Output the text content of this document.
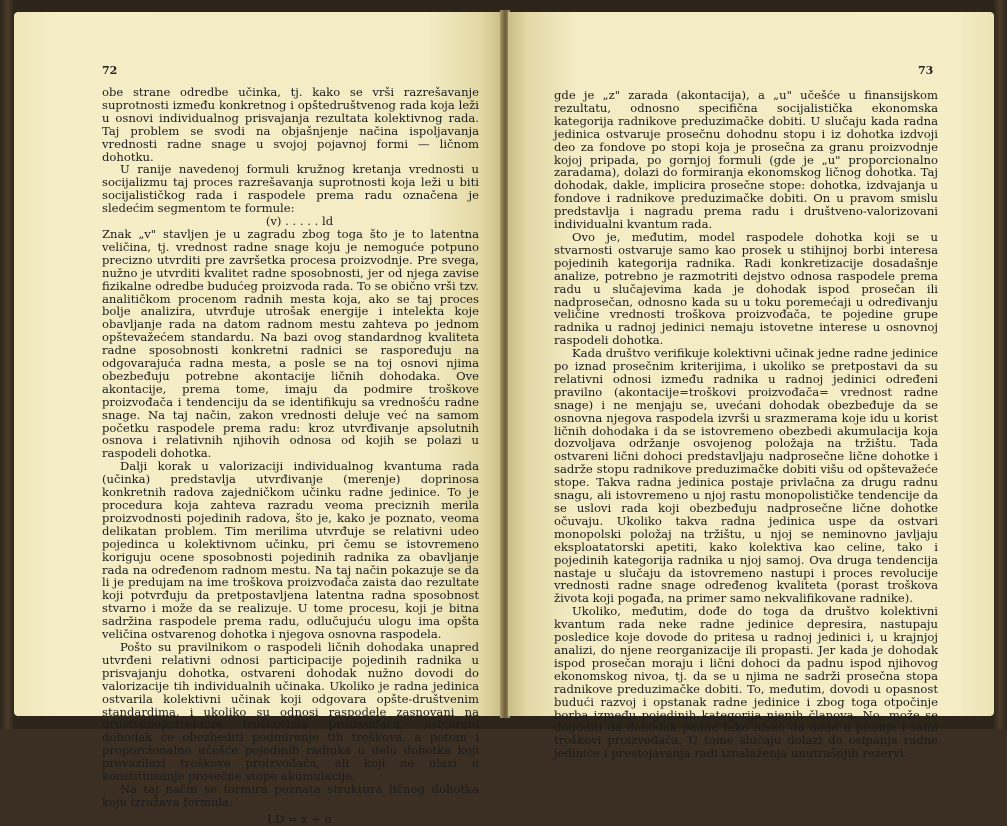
72

obe strane odredbe učinka, tj. kako se vrši razrešavanje suprotnosti između konkretnog i opštedruštvenog rada koja leži u osnovi individualnog prisvajanja rezultata kolektivnog rada. Taj problem se svodi na objašnjenje načina ispoljavanja vrednosti radne snage u svojoj pojavnoj formi — ličnom dohotku.

U ranije navedenoj formuli kružnog kretanja vrednosti u socijalizmu taj proces razrešavanja suprotnosti koja leži u biti socijalističkog rada i raspodele prema radu označena je sledećim segmentom te formule:

(v) . . . . . ld

Znak „v" stavljen je u zagradu zbog toga što je to latentna veličina, tj. vrednost radne snage koju je nemoguće potpuno precizno utvrditi pre završetka procesa proizvodnje. Pre svega, nužno je utvrditi kvalitet radne sposobnosti, jer od njega zavise fizikalne odredbe budućeg proizvoda rada. To se obično vrši tzv. analitičkom procenom radnih mesta koja, ako se taj proces bolje analizira, utvrđuje utrošak energije i intelekta koje obavljanje rada na datom radnom mestu zahteva po jednom opštevažećem standardu. Na bazi ovog standardnog kvaliteta radne sposobnosti konkretni radnici se raspoređuju na odgovarajuća radna mesta, a posle se na toj osnovi njima obezbeđuju potrebne akontacije ličnih dohodaka. Ove akontacije, prema tome, imaju da podmire troškove proizvođača i tendenciju da se identifikuju sa vrednošću radne snage. Na taj način, zakon vrednosti deluje već na samom početku raspodele prema radu: kroz utvrđivanje apsolutnih osnova i relativnih njihovih odnosa od kojih se polazi u raspodeli dohotka.

Dalji korak u valorizaciji individualnog kvantuma rada (učinka) predstavlja utvrđivanje (merenje) doprinosa konkretnih radova zajedničkom učinku radne jedinice. To je procedura koja zahteva razradu veoma preciznih merila proizvodnosti pojedinih radova, što je, kako je poznato, veoma delikatan problem. Tim merilima utvrđuje se relativni udeo pojedinca u kolektivnom učinku, pri čemu se istovremeno koriguju ocene sposobnosti pojedinih radnika za obavljanje rada na određenom radnom mestu. Na taj način pokazuje se da li je predujam na ime troškova proizvođača zaista dao rezultate koji potvrđuju da pretpostavljena latentna radna sposobnost stvarno i može da se realizuje. U tome procesu, koji je bitna sadržina raspodele prema radu, odlučujuću ulogu ima opšta veličina ostvarenog dohotka i njegova osnovna raspodela.

Pošto su pravilnikom o raspodeli ličnih dohodaka unapred utvrđeni relativni odnosi participacije pojedinih radnika u prisvajanju dohotka, ostvareni dohodak nužno dovodi do valorizacije tih individualnih učinaka. Ukoliko je radna jedinica ostvarila kolektivni učinak koji odgovara opšte-društvenim standardima, i ukoliko su odnosi raspodele zasnovani na društvenopotrebnim troškovima proizvođača, ostvareni dohodak će obezbediti podmirenje tih troškova, a potom i proporcionalno učešće pojedinih radnika u delu dohotka koji prevazilazi troškove proizvođača, ali koji ne ulazi u konstituisanje prosečne stope akumulacije.

Na taj način se formira poznata struktura ličnog dohotka koju izražava formula:

LD = z + u

73

gde je „z" zarada (akontacija), a „u" učešće u finansijskom rezultatu, odnosno specifična socijalistička ekonomska kategorija radnikove preduzimačke dobiti. U slučaju kada radna jedinica ostvaruje prosečnu dohodnu stopu i iz dohotka izdvoji deo za fondove po stopi koja je prosečna za granu proizvodnje kojoj pripada, po gornjoj formuli (gde je „u" proporcionalno zaradama), dolazi do formiranja ekonomskog ličnog dohotka. Taj dohodak, dakle, implicira prosečne stope: dohotka, izdvajanja u fondove i radnikove preduzimačke dobiti. On u pravom smislu predstavlja i nagradu prema radu i društveno-valorizovani individualni kvantum rada.

Ovo je, međutim, model raspodele dohotka koji se u stvarnosti ostvaruje samo kao prosek u stihijnoj borbi interesa pojedinih kategorija radnika. Radi konkretizacije dosadašnje analize, potrebno je razmotriti dejstvo odnosa raspodele prema radu u slučajevima kada je dohodak ispod prosečan ili nadprosečan, odnosno kada su u toku poremećaji u određivanju veličine vrednosti troškova proizvođača, te pojedine grupe radnika u radnoj jedinici nemaju istovetne interese u osnovnoj raspodeli dohotka.

Kada društvo verifikuje kolektivni učinak jedne radne jedinice po iznad prosečnim kriterijima, i ukoliko se pretpostavi da su relativni odnosi između radnika u radnoj jedinici određeni pravilno (akontacije=troškovi proizvođača= vrednost radne snage) i ne menjaju se, uvećani dohodak obezbeđuje da se osnovna njegova raspodela izvrši u srazmerama koje idu u korist ličnih dohodaka i da se istovremeno obezbedi akumulacija koja dozvoljava održanje osvojenog položaja na tržištu. Tada ostvareni lični dohoci predstavljaju nadprosečne lične dohotke i sadrže stopu radnikove preduzimačke dobiti višu od opštevažeće stope. Takva radna jedinica postaje privlačna za drugu radnu snagu, ali istovremeno u njoj rastu monopolističke tendencije da se uslovi rada koji obezbeđuju nadprosečne lične dohotke očuvaju. Ukoliko takva radna jedinica uspe da ostvari monopolski položaj na tržištu, u njoj se neminovno javljaju eksploatatorski apetiti, kako kolektiva kao celine, tako i pojedinih kategorija radnika u njoj samoj. Ova druga tendencija nastaje u slučaju da istovremeno nastupi i proces revolucije vrednosti radne snage određenog kvaliteta (porast troškova života koji pogađa, na primer samo nekvalifikovane radnike).

Ukoliko, međutim, dođe do toga da društvo kolektivni kvantum rada neke radne jedinice depresira, nastupaju posledice koje dovode do pritesa u radnoj jedinici i, u krajnjoj analizi, do njene reorganizacije ili propasti. Jer kada je dohodak ispod prosečan moraju i lični dohoci da padnu ispod njihovog ekonomskog nivoa, tj. da se u njima ne sadrži prosečna stopa radnikove preduzimačke dobiti. To, međutim, dovodi u opasnost budući razvoj i opstanak radne jedinice i zbog toga otpočinje borba između pojedinih kategorija njenih članova. No, može se dogoditi da dohodak padne tako nisko da dođe u pitanje i sami troškovi proizvođača. U tome slučaju dolazi do osipanja radne jedinice i prestojavanja radi iznalaženja unutrašnjih rezervi.
